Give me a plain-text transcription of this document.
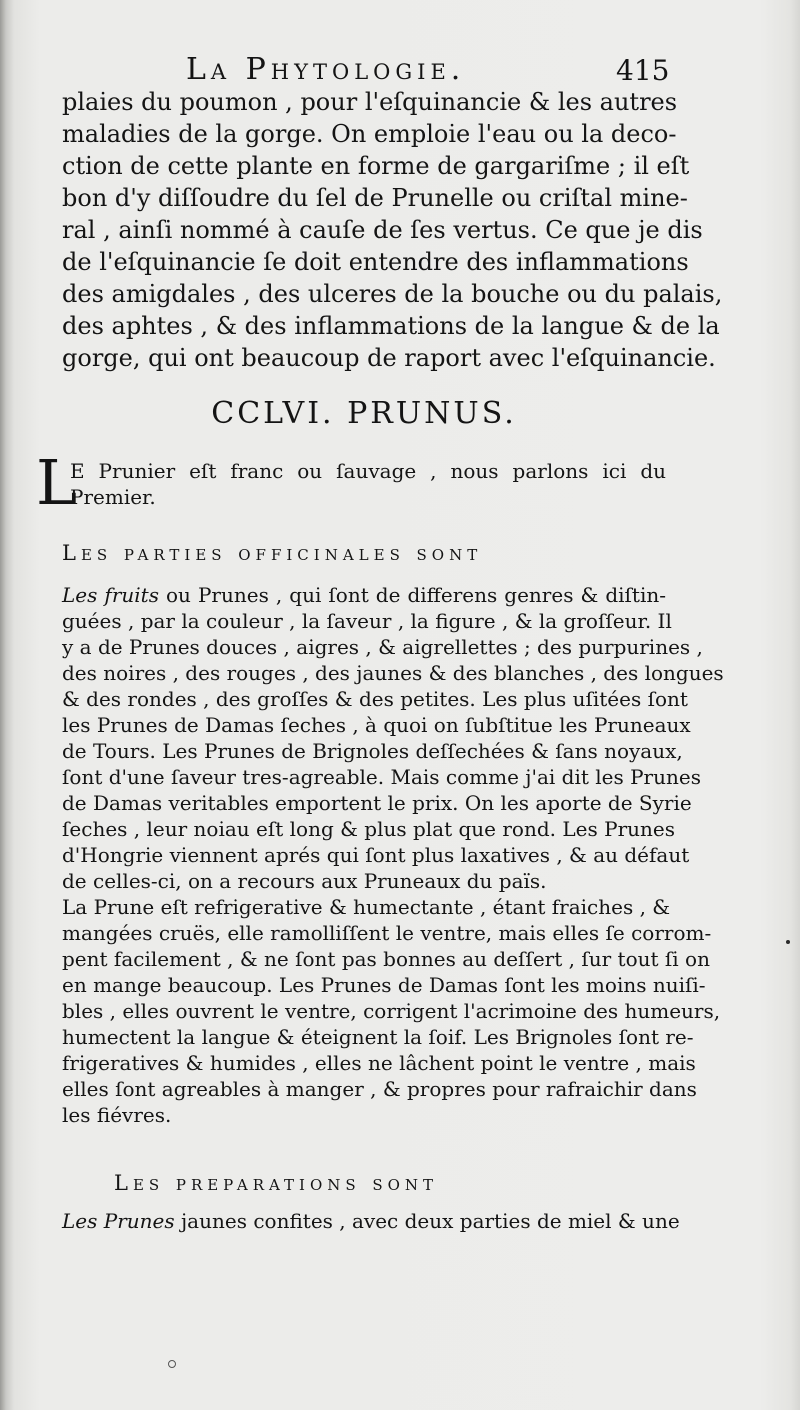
La Phytologie.	415
plaies du poumon , pour l'eſquinancie & les autres
maladies de la gorge. On emploie l'eau ou la deco-
ction de cette plante en forme de gargariſme ; il eſt
bon d'y diſſoudre du ſel de Prunelle ou criſtal mine-
ral , ainſi nommé à cauſe de ſes vertus. Ce que je dis
de l'eſquinancie ſe doit entendre des inflammations
des amigdales , des ulceres de la bouche ou du palais,
des aphtes , & des inflammations de la langue & de la
gorge, qui ont beaucoup de raport avec l'eſquinancie.
CCLVI. PRUNUS.
L
E Prunier eſt franc ou ſauvage , nous parlons ici du
Premier.
Les parties officinales sont
Les fruits ou Prunes , qui ſont de differens genres & diſtin-
guées , par la couleur , la ſaveur , la figure , & la groſſeur. Il
y a de Prunes douces , aigres , & aigrellettes ; des purpurines ,
des noires , des rouges , des jaunes & des blanches , des longues
& des rondes , des groſſes & des petites. Les plus uſitées ſont
les Prunes de Damas ſeches , à quoi on ſubſtitue les Pruneaux
de Tours. Les Prunes de Brignoles deſſechées & ſans noyaux,
ſont d'une ſaveur tres-agreable. Mais comme j'ai dit les Prunes
de Damas veritables emportent le prix. On les aporte de Syrie
ſeches , leur noiau eſt long & plus plat que rond. Les Prunes
d'Hongrie viennent aprés qui ſont plus laxatives , & au défaut
de celles-ci, on a recours aux Pruneaux du païs.
La Prune eſt refrigerative & humectante , étant fraiches , &
mangées cruës, elle ramolliſſent le ventre, mais elles ſe corrom-
pent facilement , & ne ſont pas bonnes au deſſert , ſur tout ſi on
en mange beaucoup. Les Prunes de Damas ſont les moins nuiſi-
bles , elles ouvrent le ventre, corrigent l'acrimoine des humeurs,
humectent la langue & éteignent la ſoif. Les Brignoles ſont re-
frigeratives & humides , elles ne lâchent point le ventre , mais
elles ſont agreables à manger , & propres pour rafraichir dans
les fiévres.
Les preparations sont
Les Prunes jaunes confites , avec deux parties de miel & une
